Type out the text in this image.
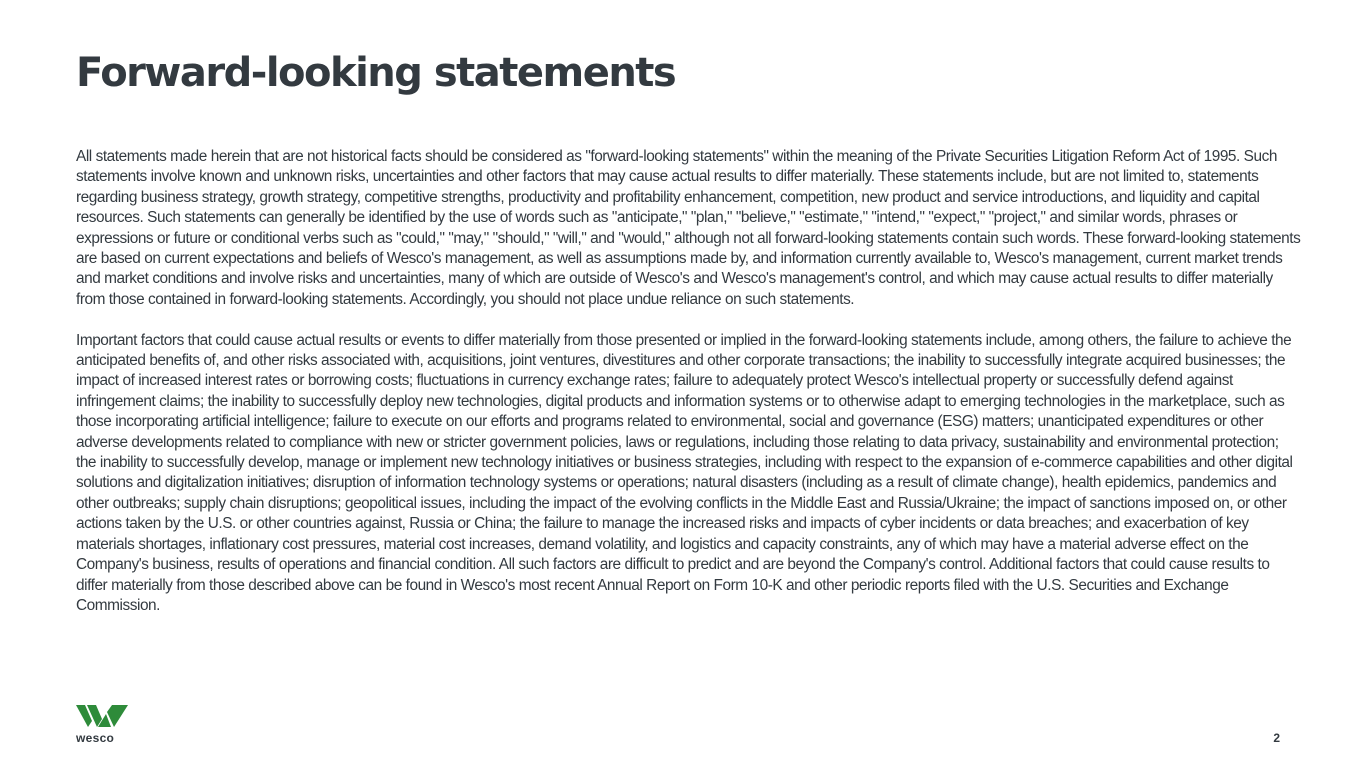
Forward-looking statements

All statements made herein that are not historical facts should be considered as "forward-looking statements" within the meaning of the Private Securities Litigation Reform Act of 1995. Such statements involve known and unknown risks, uncertainties and other factors that may cause actual results to differ materially. These statements include, but are not limited to, statements regarding business strategy, growth strategy, competitive strengths, productivity and profitability enhancement, competition, new product and service introductions, and liquidity and capital resources. Such statements can generally be identified by the use of words such as "anticipate," "plan," "believe," "estimate," "intend," "expect," "project," and similar words, phrases or expressions or future or conditional verbs such as "could," "may," "should," "will," and "would," although not all forward-looking statements contain such words. These forward-looking statements are based on current expectations and beliefs of Wesco's management, as well as assumptions made by, and information currently available to, Wesco's management, current market trends and market conditions and involve risks and uncertainties, many of which are outside of Wesco's and Wesco's management's control, and which may cause actual results to differ materially from those contained in forward-looking statements. Accordingly, you should not place undue reliance on such statements.

Important factors that could cause actual results or events to differ materially from those presented or implied in the forward-looking statements include, among others, the failure to achieve the anticipated benefits of, and other risks associated with, acquisitions, joint ventures, divestitures and other corporate transactions; the inability to successfully integrate acquired businesses; the impact of increased interest rates or borrowing costs; fluctuations in currency exchange rates; failure to adequately protect Wesco's intellectual property or successfully defend against infringement claims; the inability to successfully deploy new technologies, digital products and information systems or to otherwise adapt to emerging technologies in the marketplace, such as those incorporating artificial intelligence; failure to execute on our efforts and programs related to environmental, social and governance (ESG) matters; unanticipated expenditures or other adverse developments related to compliance with new or stricter government policies, laws or regulations, including those relating to data privacy, sustainability and environmental protection; the inability to successfully develop, manage or implement new technology initiatives or business strategies, including with respect to the expansion of e-commerce capabilities and other digital solutions and digitalization initiatives; disruption of information technology systems or operations; natural disasters (including as a result of climate change), health epidemics, pandemics and other outbreaks; supply chain disruptions; geopolitical issues, including the impact of the evolving conflicts in the Middle East and Russia/Ukraine; the impact of sanctions imposed on, or other actions taken by the U.S. or other countries against, Russia or China; the failure to manage the increased risks and impacts of cyber incidents or data breaches; and exacerbation of key materials shortages, inflationary cost pressures, material cost increases, demand volatility, and logistics and capacity constraints, any of which may have a material adverse effect on the Company's business, results of operations and financial condition. All such factors are difficult to predict and are beyond the Company's control. Additional factors that could cause results to differ materially from those described above can be found in Wesco's most recent Annual Report on Form 10-K and other periodic reports filed with the U.S. Securities and Exchange Commission.

wesco	2
